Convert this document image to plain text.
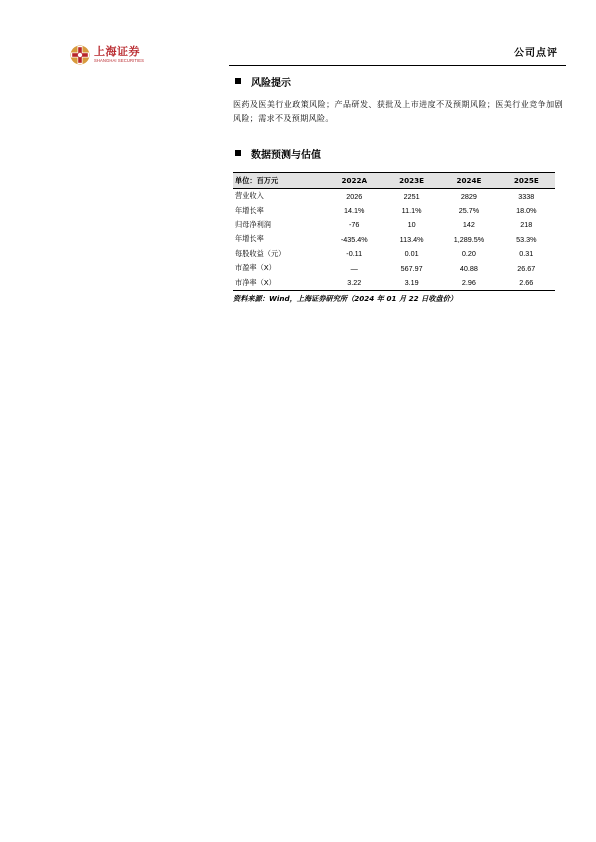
上海证券
SHANGHAI SECURITIES
公司点评
风险提示
医药及医美行业政策风险；产品研发、获批及上市进度不及预期风险；医美行业竞争加剧风险；需求不及预期风险。
数据预测与估值
单位：百万元	2022A	2023E	2024E	2025E
营业收入	2026	2251	2829	3338
年增长率	14.1%	11.1%	25.7%	18.0%
归母净利润	-76	10	142	218
年增长率	-435.4%	113.4%	1,289.5%	53.3%
每股收益（元）	-0.11	0.01	0.20	0.31
市盈率（X）	—	567.97	40.88	26.67
市净率（X）	3.22	3.19	2.96	2.66
资料来源：Wind，上海证券研究所（2024 年 01 月 22 日收盘价）
